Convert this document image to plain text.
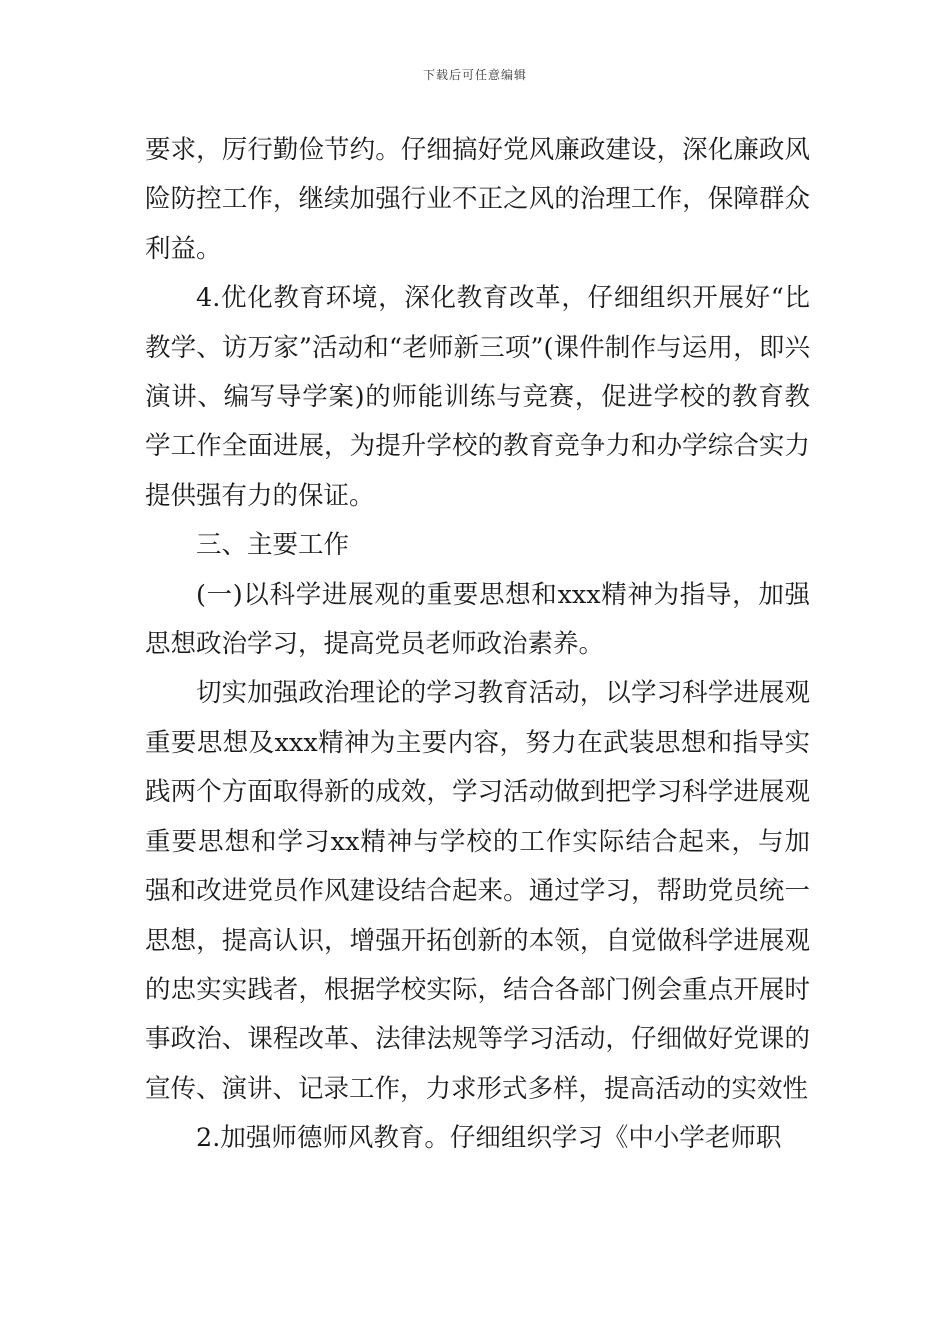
下载后可任意编辑

要求，厉行勤俭节约。仔细搞好党风廉政建设，深化廉政风险防控工作，继续加强行业不正之风的治理工作，保障群众利益。

4.优化教育环境，深化教育改革，仔细组织开展好“比教学、访万家”活动和“老师新三项”(课件制作与运用，即兴演讲、编写导学案)的师能训练与竞赛，促进学校的教育教学工作全面进展，为提升学校的教育竞争力和办学综合实力提供强有力的保证。

三、主要工作

(一)以科学进展观的重要思想和xxx精神为指导，加强思想政治学习，提高党员老师政治素养。

切实加强政治理论的学习教育活动，以学习科学进展观重要思想及xxx精神为主要内容，努力在武装思想和指导实践两个方面取得新的成效，学习活动做到把学习科学进展观重要思想和学习xx精神与学校的工作实际结合起来，与加强和改进党员作风建设结合起来。通过学习，帮助党员统一思想，提高认识，增强开拓创新的本领，自觉做科学进展观的忠实实践者，根据学校实际，结合各部门例会重点开展时事政治、课程改革、法律法规等学习活动，仔细做好党课的宣传、演讲、记录工作，力求形式多样，提高活动的实效性

2.加强师德师风教育。仔细组织学习《中小学老师职
